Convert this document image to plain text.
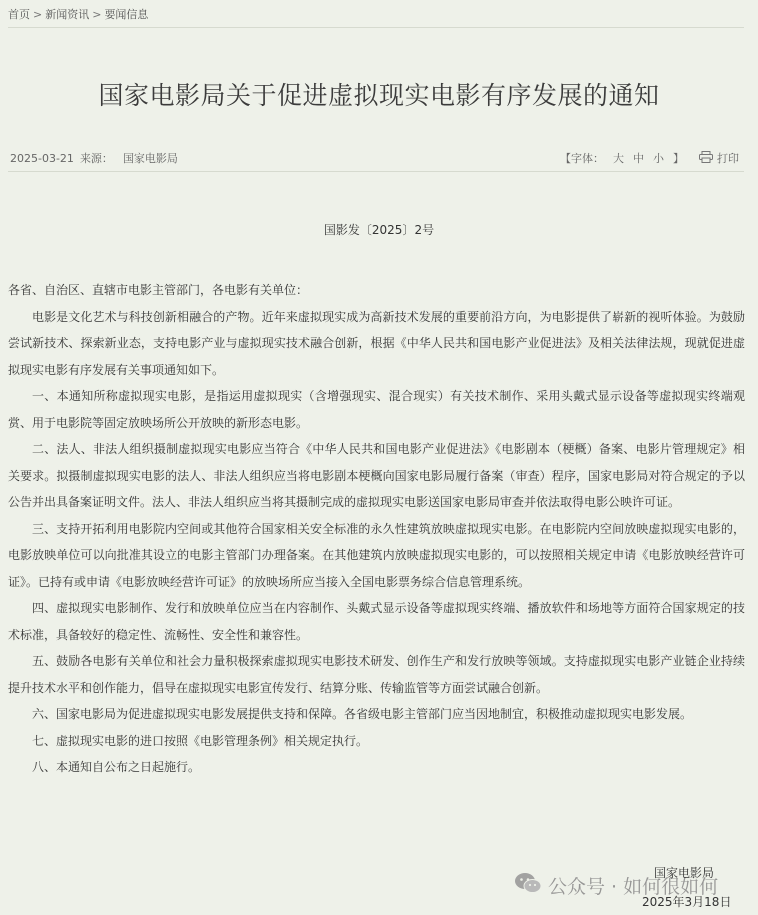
首页 > 新闻资讯 > 要闻信息
国家电影局关于促进虚拟现实电影有序发展的通知
2025-03-21 来源： 国家电影局	【字体： 大 中 小 】	打印
国影发〔2025〕2号

各省、自治区、直辖市电影主管部门，各电影有关单位：

电影是文化艺术与科技创新相融合的产物。近年来虚拟现实成为高新技术发展的重要前沿方向，为电影提供了崭新的视听体验。为鼓励尝试新技术、探索新业态，支持电影产业与虚拟现实技术融合创新，根据《中华人民共和国电影产业促进法》及相关法律法规，现就促进虚拟现实电影有序发展有关事项通知如下。

一、本通知所称虚拟现实电影，是指运用虚拟现实（含增强现实、混合现实）有关技术制作、采用头戴式显示设备等虚拟现实终端观赏、用于电影院等固定放映场所公开放映的新形态电影。

二、法人、非法人组织摄制虚拟现实电影应当符合《中华人民共和国电影产业促进法》《电影剧本（梗概）备案、电影片管理规定》相关要求。拟摄制虚拟现实电影的法人、非法人组织应当将电影剧本梗概向国家电影局履行备案（审查）程序，国家电影局对符合规定的予以公告并出具备案证明文件。法人、非法人组织应当将其摄制完成的虚拟现实电影送国家电影局审查并依法取得电影公映许可证。

三、支持开拓利用电影院内空间或其他符合国家相关安全标准的永久性建筑放映虚拟现实电影。在电影院内空间放映虚拟现实电影的，电影放映单位可以向批准其设立的电影主管部门办理备案。在其他建筑内放映虚拟现实电影的，可以按照相关规定申请《电影放映经营许可证》。已持有或申请《电影放映经营许可证》的放映场所应当接入全国电影票务综合信息管理系统。

四、虚拟现实电影制作、发行和放映单位应当在内容制作、头戴式显示设备等虚拟现实终端、播放软件和场地等方面符合国家规定的技术标准，具备较好的稳定性、流畅性、安全性和兼容性。

五、鼓励各电影有关单位和社会力量积极探索虚拟现实电影技术研发、创作生产和发行放映等领域。支持虚拟现实电影产业链企业持续提升技术水平和创作能力，倡导在虚拟现实电影宣传发行、结算分账、传输监管等方面尝试融合创新。

六、国家电影局为促进虚拟现实电影发展提供支持和保障。各省级电影主管部门应当因地制宜，积极推动虚拟现实电影发展。

七、虚拟现实电影的进口按照《电影管理条例》相关规定执行。

八、本通知自公布之日起施行。

公众号 · 如何很如何
国家电影局
2025年3月18日
